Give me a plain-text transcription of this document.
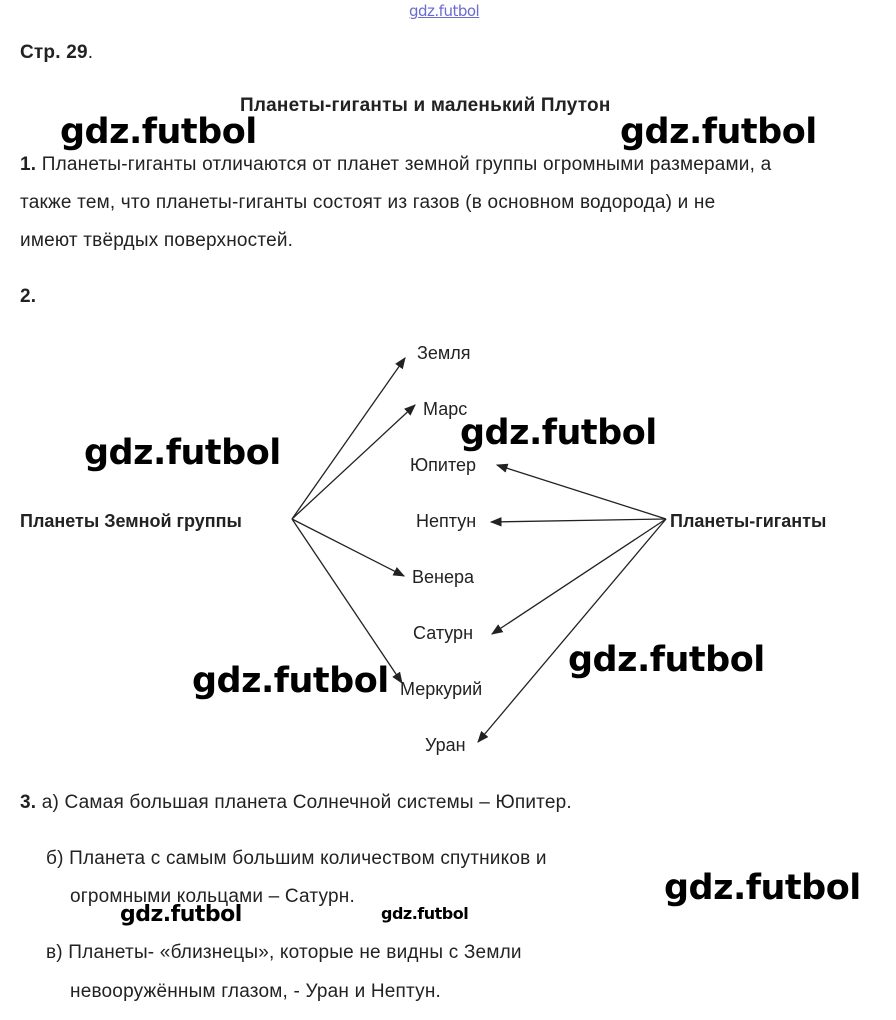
gdz.futbol
Стр. 29.
Планеты-гиганты и маленький Плутон
1. Планеты-гиганты отличаются от планет земной группы огромными размерами, а
также тем, что планеты-гиганты состоят из газов (в основном водорода) и не
имеют твёрдых поверхностей.
2.
Планеты Земной группы	Планеты-гиганты
Земля
Марс
Юпитер
Нептун
Венера
Сатурн
Меркурий
Уран
3. а) Самая большая планета Солнечной системы – Юпитер.
б) Планета с самым большим количеством спутников и
огромными кольцами – Сатурн.
в) Планеты- «близнецы», которые не видны с Земли
невооружённым глазом, - Уран и Нептун.
gdz.futbol	gdz.futbol
gdz.futbol
gdz.futbol
gdz.futbol
gdz.futbol
gdz.futbol
gdz.futbol	gdz.futbol
